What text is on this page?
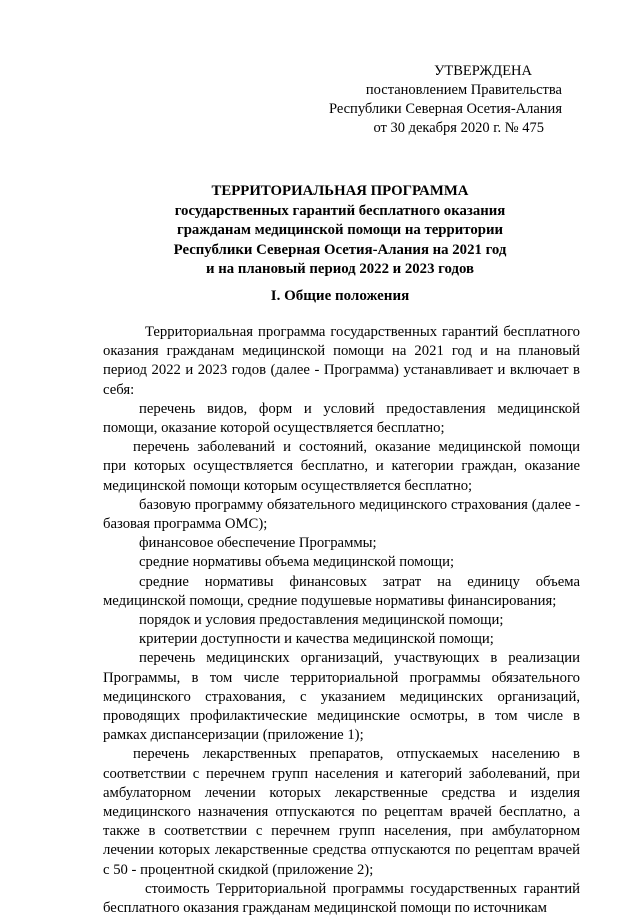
УТВЕРЖДЕНА
постановлением Правительства
Республики Северная Осетия-Алания
от 30 декабря 2020 г. № 475
ТЕРРИТОРИАЛЬНАЯ ПРОГРАММА
государственных гарантий бесплатного оказания
гражданам медицинской помощи на территории
Республики Северная Осетия-Алания на 2021 год
и на плановый период 2022 и 2023 годов
I. Общие положения

Территориальная программа государственных гарантий бесплатного оказания гражданам медицинской помощи на 2021 год и на плановый период 2022 и 2023 годов (далее - Программа) устанавливает и включает в себя:

перечень видов, форм и условий предоставления медицинской помощи, оказание которой осуществляется бесплатно;

перечень заболеваний и состояний, оказание медицинской помощи при которых осуществляется бесплатно, и категории граждан, оказание медицинской помощи которым осуществляется бесплатно;

базовую программу обязательного медицинского страхования (далее - базовая программа ОМС);

финансовое обеспечение Программы;

средние нормативы объема медицинской помощи;

средние нормативы финансовых затрат на единицу объема медицинской помощи, средние подушевые нормативы финансирования;

порядок и условия предоставления медицинской помощи;

критерии доступности и качества медицинской помощи;

перечень медицинских организаций, участвующих в реализации Программы, в том числе территориальной программы обязательного медицинского страхования, с указанием медицинских организаций, проводящих профилактические медицинские осмотры, в том числе в рамках диспансеризации (приложение 1);

перечень лекарственных препаратов, отпускаемых населению в соответствии с перечнем групп населения и категорий заболеваний, при амбулаторном лечении которых лекарственные средства и изделия медицинского назначения отпускаются по рецептам врачей бесплатно, а также в соответствии с перечнем групп населения, при амбулаторном лечении которых лекарственные средства отпускаются по рецептам врачей с 50 - процентной скидкой (приложение 2);

стоимость Территориальной программы государственных гарантий бесплатного оказания гражданам медицинской помощи по источникам
